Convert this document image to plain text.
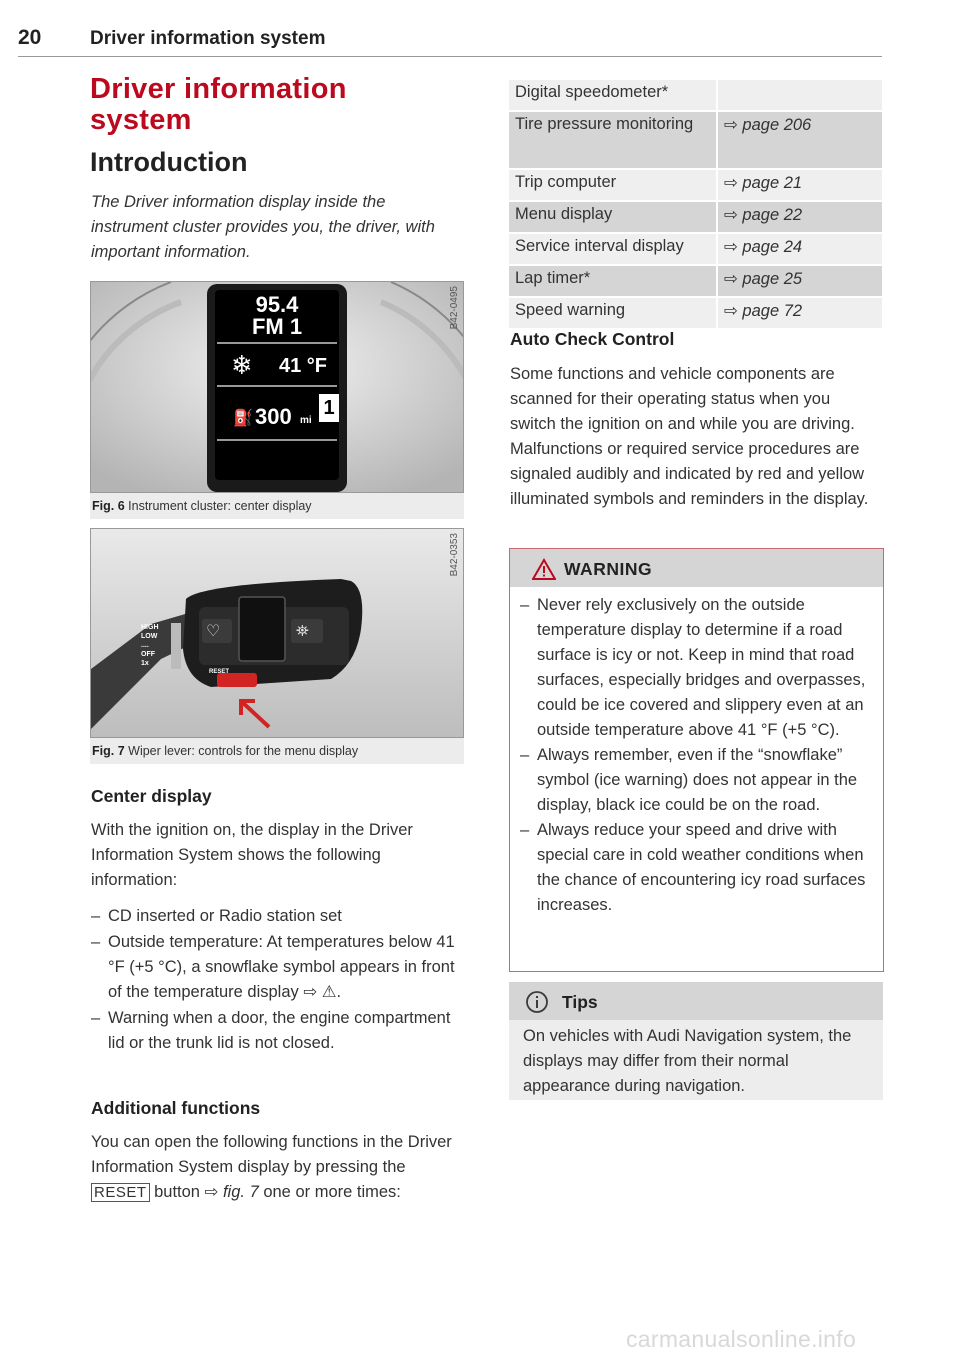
20	Driver information system
Driver information
system
Introduction
The Driver information display inside the instrument cluster provides you, the driver, with important information.
95.4
FM 1
❄ 41 °F
⛽ 300 mi
1
B42-0495
Fig. 6 Instrument cluster: center display
♡	⛯
HIGH
LOW
....
OFF
1x
RESET
B42-0353
Fig. 7 Wiper lever: controls for the menu display
Center display
With the ignition on, the display in the Driver Information System shows the following information:
– CD inserted or Radio station set
– Outside temperature: At temperatures below 41 °F (+5 °C), a snowflake symbol appears in front of the temperature display ⇨ ⚠.
– Warning when a door, the engine compartment lid or the trunk lid is not closed.
Additional functions
You can open the following functions in the Driver Information System display by pressing the RESET button ⇨ fig. 7 one or more times:
Digital speedometer*	
Tire pressure monitoring	⇨ page 206
Trip computer	⇨ page 21
Menu display	⇨ page 22
Service interval display	⇨ page 24
Lap timer*	⇨ page 25
Speed warning	⇨ page 72
Auto Check Control
Some functions and vehicle components are scanned for their operating status when you switch the ignition on and while you are driving. Malfunctions or required service procedures are signaled audibly and indicated by red and yellow illuminated symbols and reminders in the display.
WARNING
– Never rely exclusively on the outside temperature display to determine if a road surface is icy or not. Keep in mind that road surfaces, especially bridges and overpasses, could be ice covered and slippery even at an outside temperature above 41 °F (+5 °C).
– Always remember, even if the “snowflake” symbol (ice warning) does not appear in the display, black ice could be on the road.
– Always reduce your speed and drive with special care in cold weather conditions when the chance of encountering icy road surfaces increases.
Tips
On vehicles with Audi Navigation system, the displays may differ from their normal appearance during navigation.
carmanualsonline.info
